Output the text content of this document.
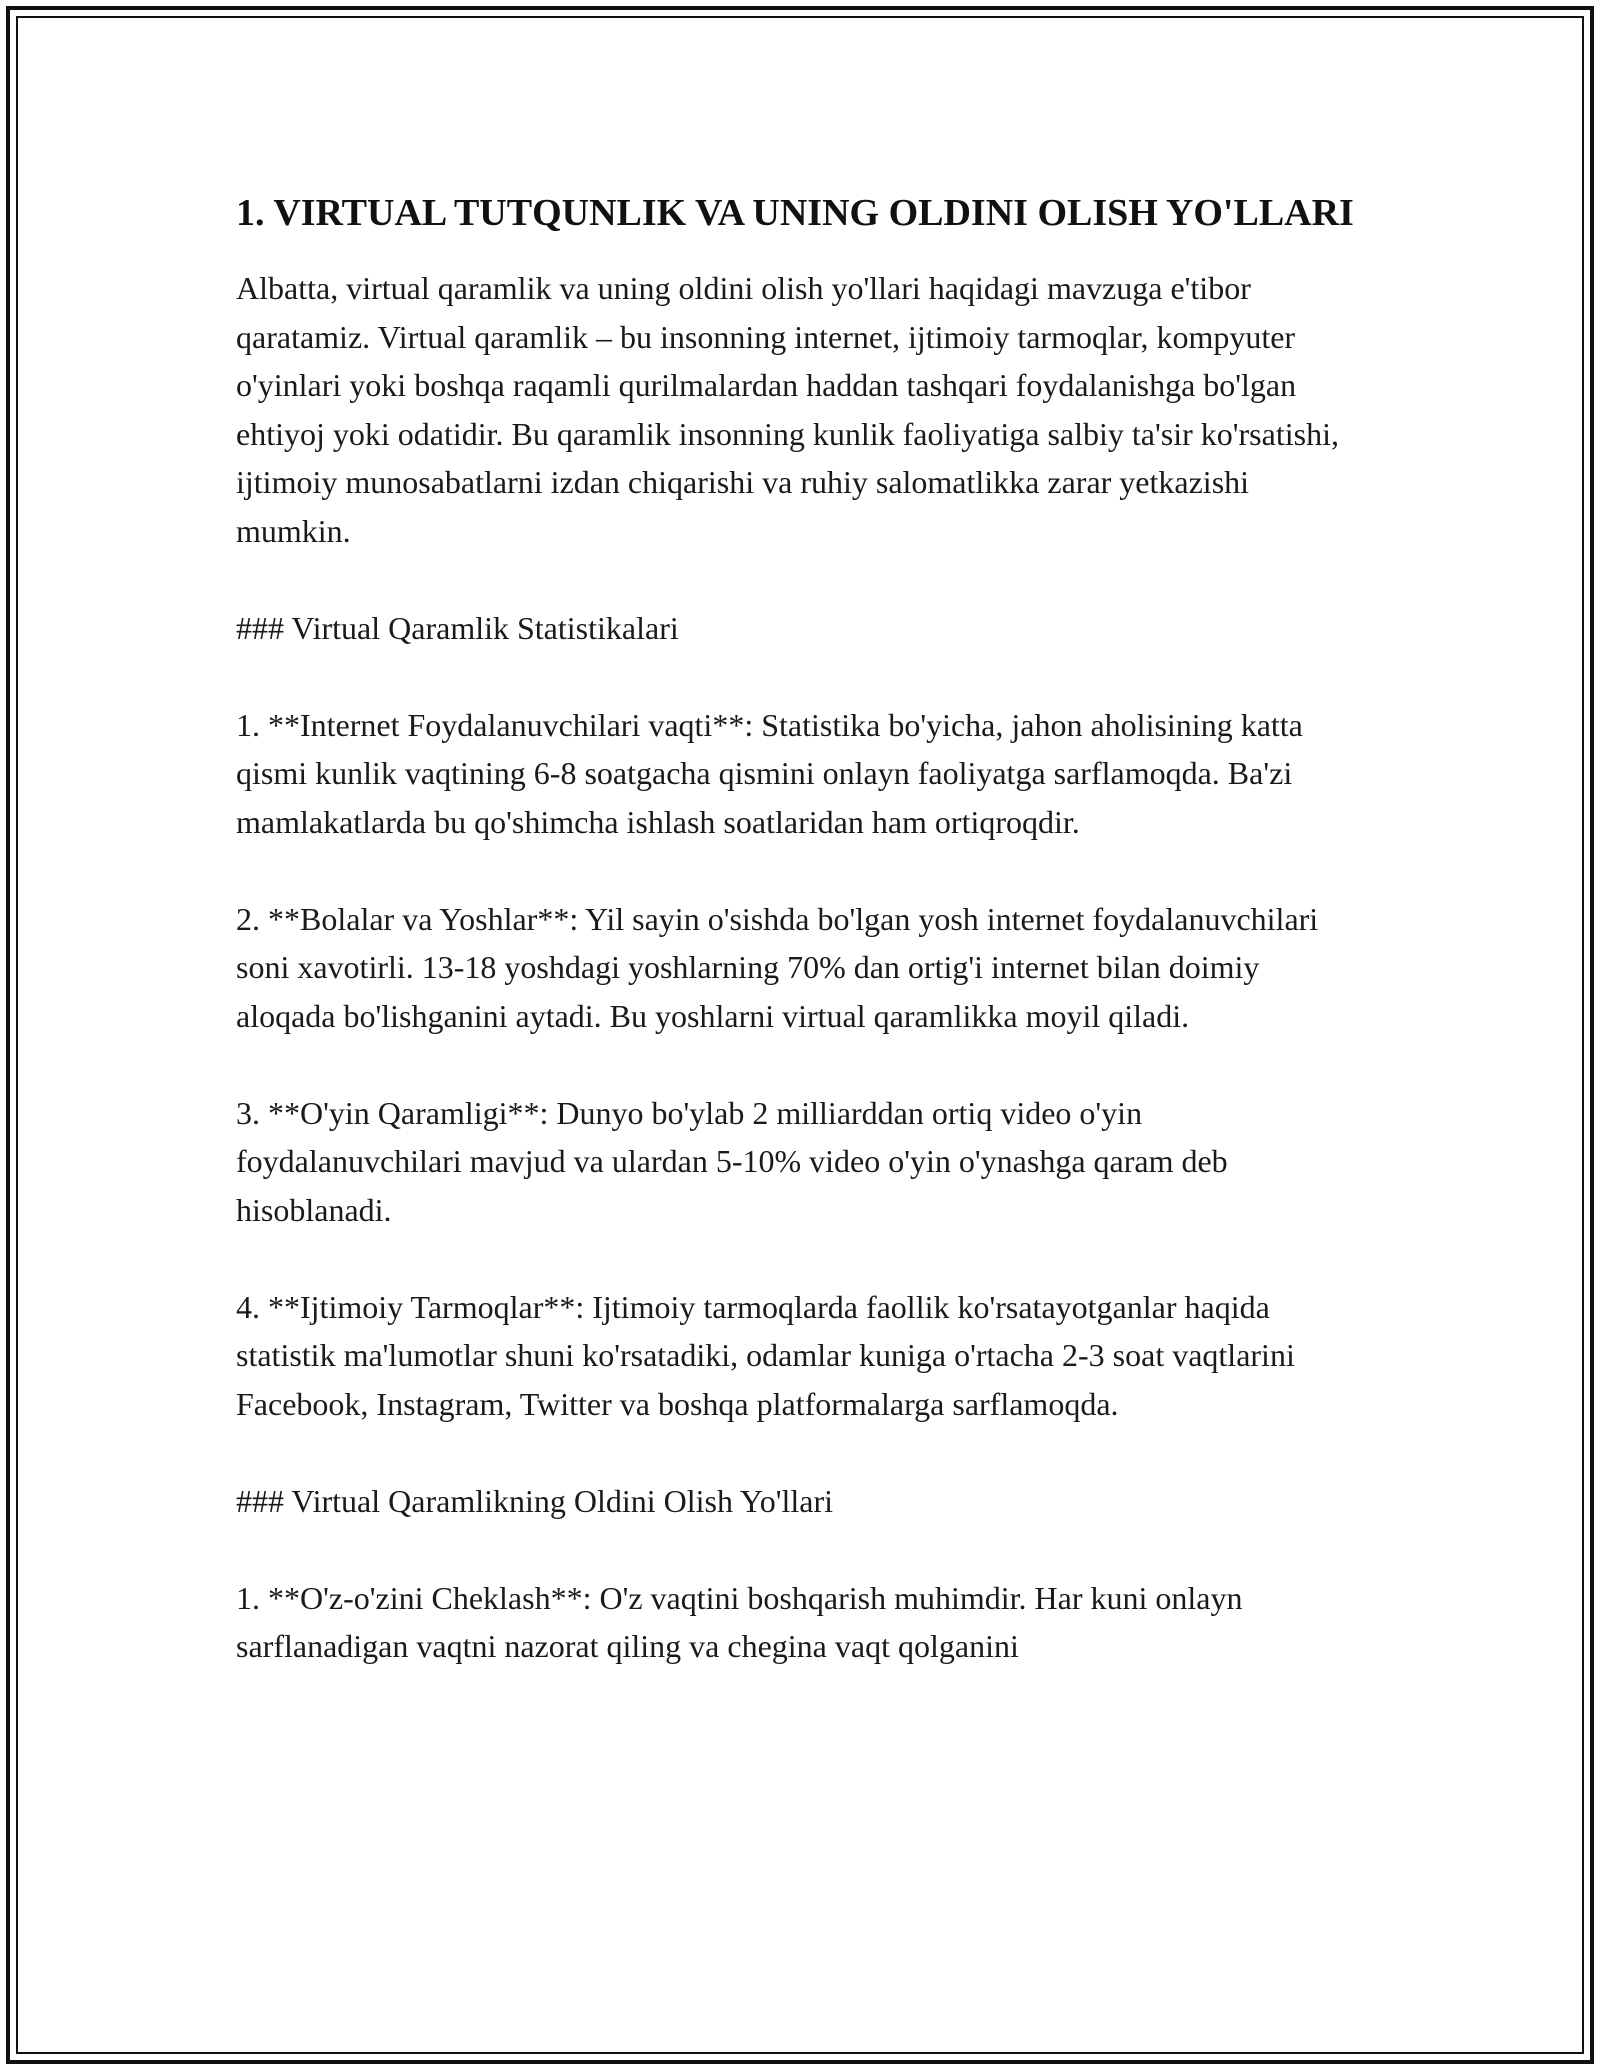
1. VIRTUAL TUTQUNLIK VA UNING OLDINI OLISH YO'LLARI

Albatta, virtual qaramlik va uning oldini olish yo'llari haqidagi mavzuga e'tibor qaratamiz. Virtual qaramlik – bu insonning internet, ijtimoiy tarmoqlar, kompyuter o'yinlari yoki boshqa raqamli qurilmalardan haddan tashqari foydalanishga bo'lgan ehtiyoj yoki odatidir. Bu qaramlik insonning kunlik faoliyatiga salbiy ta'sir ko'rsatishi, ijtimoiy munosabatlarni izdan chiqarishi va ruhiy salomatlikka zarar yetkazishi mumkin.

### Virtual Qaramlik Statistikalari

1. **Internet Foydalanuvchilari vaqti**: Statistika bo'yicha, jahon aholisining katta qismi kunlik vaqtining 6-8 soatgacha qismini onlayn faoliyatga sarflamoqda. Ba'zi mamlakatlarda bu qo'shimcha ishlash soatlaridan ham ortiqroqdir.

2. **Bolalar va Yoshlar**: Yil sayin o'sishda bo'lgan yosh internet foydalanuvchilari soni xavotirli. 13-18 yoshdagi yoshlarning 70% dan ortig'i internet bilan doimiy aloqada bo'lishganini aytadi. Bu yoshlarni virtual qaramlikka moyil qiladi.

3. **O'yin Qaramligi**: Dunyo bo'ylab 2 milliarddan ortiq video o'yin foydalanuvchilari mavjud va ulardan 5-10% video o'yin o'ynashga qaram deb hisoblanadi.

4. **Ijtimoiy Tarmoqlar**: Ijtimoiy tarmoqlarda faollik ko'rsatayotganlar haqida statistik ma'lumotlar shuni ko'rsatadiki, odamlar kuniga o'rtacha 2-3 soat vaqtlarini Facebook, Instagram, Twitter va boshqa platformalarga sarflamoqda.

### Virtual Qaramlikning Oldini Olish Yo'llari

1. **O'z-o'zini Cheklash**: O'z vaqtini boshqarish muhimdir. Har kuni onlayn sarflanadigan vaqtni nazorat qiling va chegina vaqt qolganini
